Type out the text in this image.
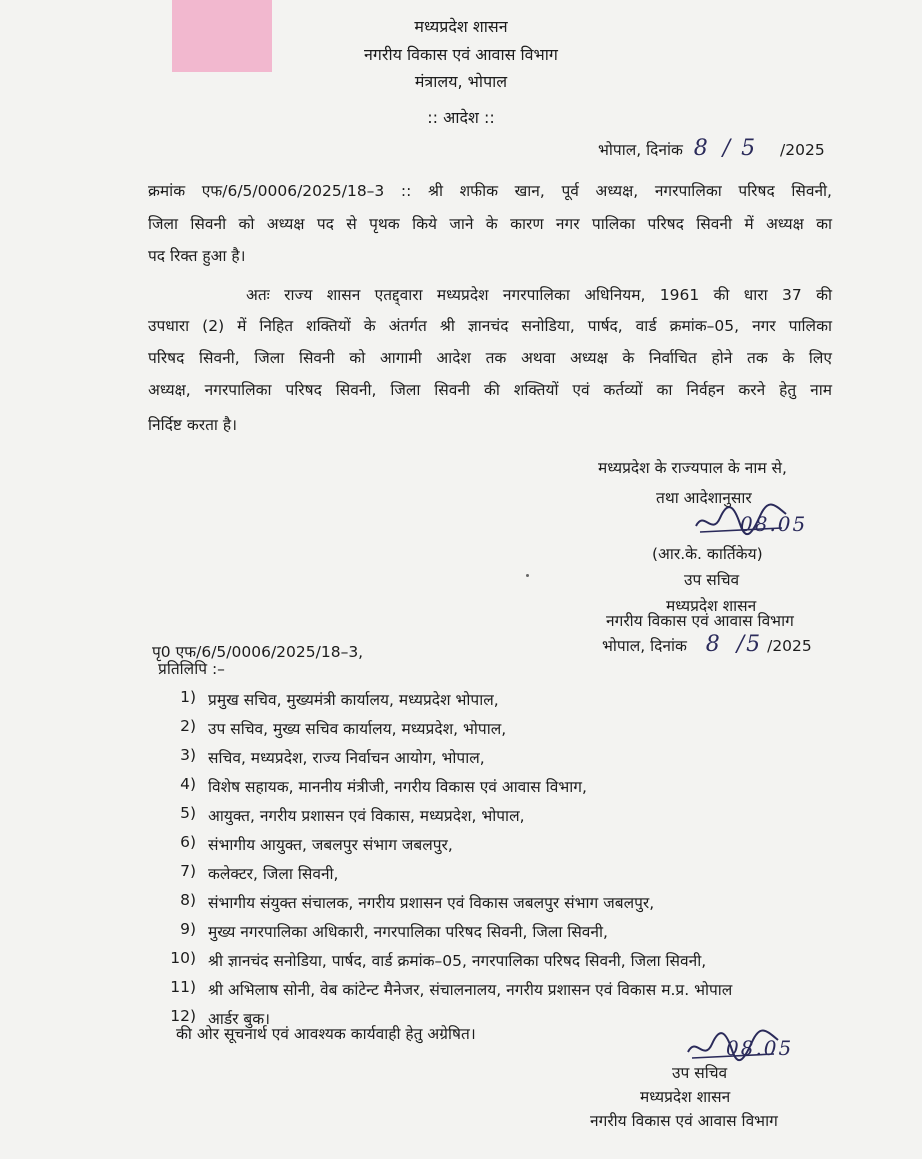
मध्यप्रदेश शासन
नगरीय विकास एवं आवास विभाग
मंत्रालय, भोपाल
:: आदेश ::
भोपाल, दिनांक 8 / 5 /2025
क्रमांक एफ/6/5/0006/2025/18–3 :: श्री शफीक खान, पूर्व अध्यक्ष, नगरपालिका परिषद सिवनी,
जिला सिवनी को अध्यक्ष पद से पृथक किये जाने के कारण नगर पालिका परिषद सिवनी में अध्यक्ष का
पद रिक्त हुआ है।
अतः राज्य शासन एतद्द्वारा मध्यप्रदेश नगरपालिका अधिनियम, 1961 की धारा 37 की
उपधारा (2) में निहित शक्तियों के अंतर्गत श्री ज्ञानचंद सनोडिया, पार्षद, वार्ड क्रमांक–05, नगर पालिका
परिषद सिवनी, जिला सिवनी को आगामी आदेश तक अथवा अध्यक्ष के निर्वाचित होने तक के लिए
अध्यक्ष, नगरपालिका परिषद सिवनी, जिला सिवनी की शक्तियों एवं कर्तव्यों का निर्वहन करने हेतु नाम
निर्दिष्ट करता है।
मध्यप्रदेश के राज्यपाल के नाम से,
तथा आदेशानुसार
08.05
(आर.के. कार्तिकेय)
उप सचिव
मध्यप्रदेश शासन
नगरीय विकास एवं आवास विभाग
भोपाल, दिनांक 8 /5 /2025
पृ0 एफ/6/5/0006/2025/18–3,
प्रतिलिपि :–
1) प्रमुख सचिव, मुख्यमंत्री कार्यालय, मध्यप्रदेश भोपाल,
2) उप सचिव, मुख्य सचिव कार्यालय, मध्यप्रदेश, भोपाल,
3) सचिव, मध्यप्रदेश, राज्य निर्वाचन आयोग, भोपाल,
4) विशेष सहायक, माननीय मंत्रीजी, नगरीय विकास एवं आवास विभाग,
5) आयुक्त, नगरीय प्रशासन एवं विकास, मध्यप्रदेश, भोपाल,
6) संभागीय आयुक्त, जबलपुर संभाग जबलपुर,
7) कलेक्टर, जिला सिवनी,
8) संभागीय संयुक्त संचालक, नगरीय प्रशासन एवं विकास जबलपुर संभाग जबलपुर,
9) मुख्य नगरपालिका अधिकारी, नगरपालिका परिषद सिवनी, जिला सिवनी,
10) श्री ज्ञानचंद सनोडिया, पार्षद, वार्ड क्रमांक–05, नगरपालिका परिषद सिवनी, जिला सिवनी,
11) श्री अभिलाष सोनी, वेब कांटेन्ट मैनेजर, संचालनालय, नगरीय प्रशासन एवं विकास म.प्र. भोपाल
12) आर्डर बुक।
की ओर सूचनार्थ एवं आवश्यक कार्यवाही हेतु अग्रेषित।
08.05
उप सचिव
मध्यप्रदेश शासन
नगरीय विकास एवं आवास विभाग
